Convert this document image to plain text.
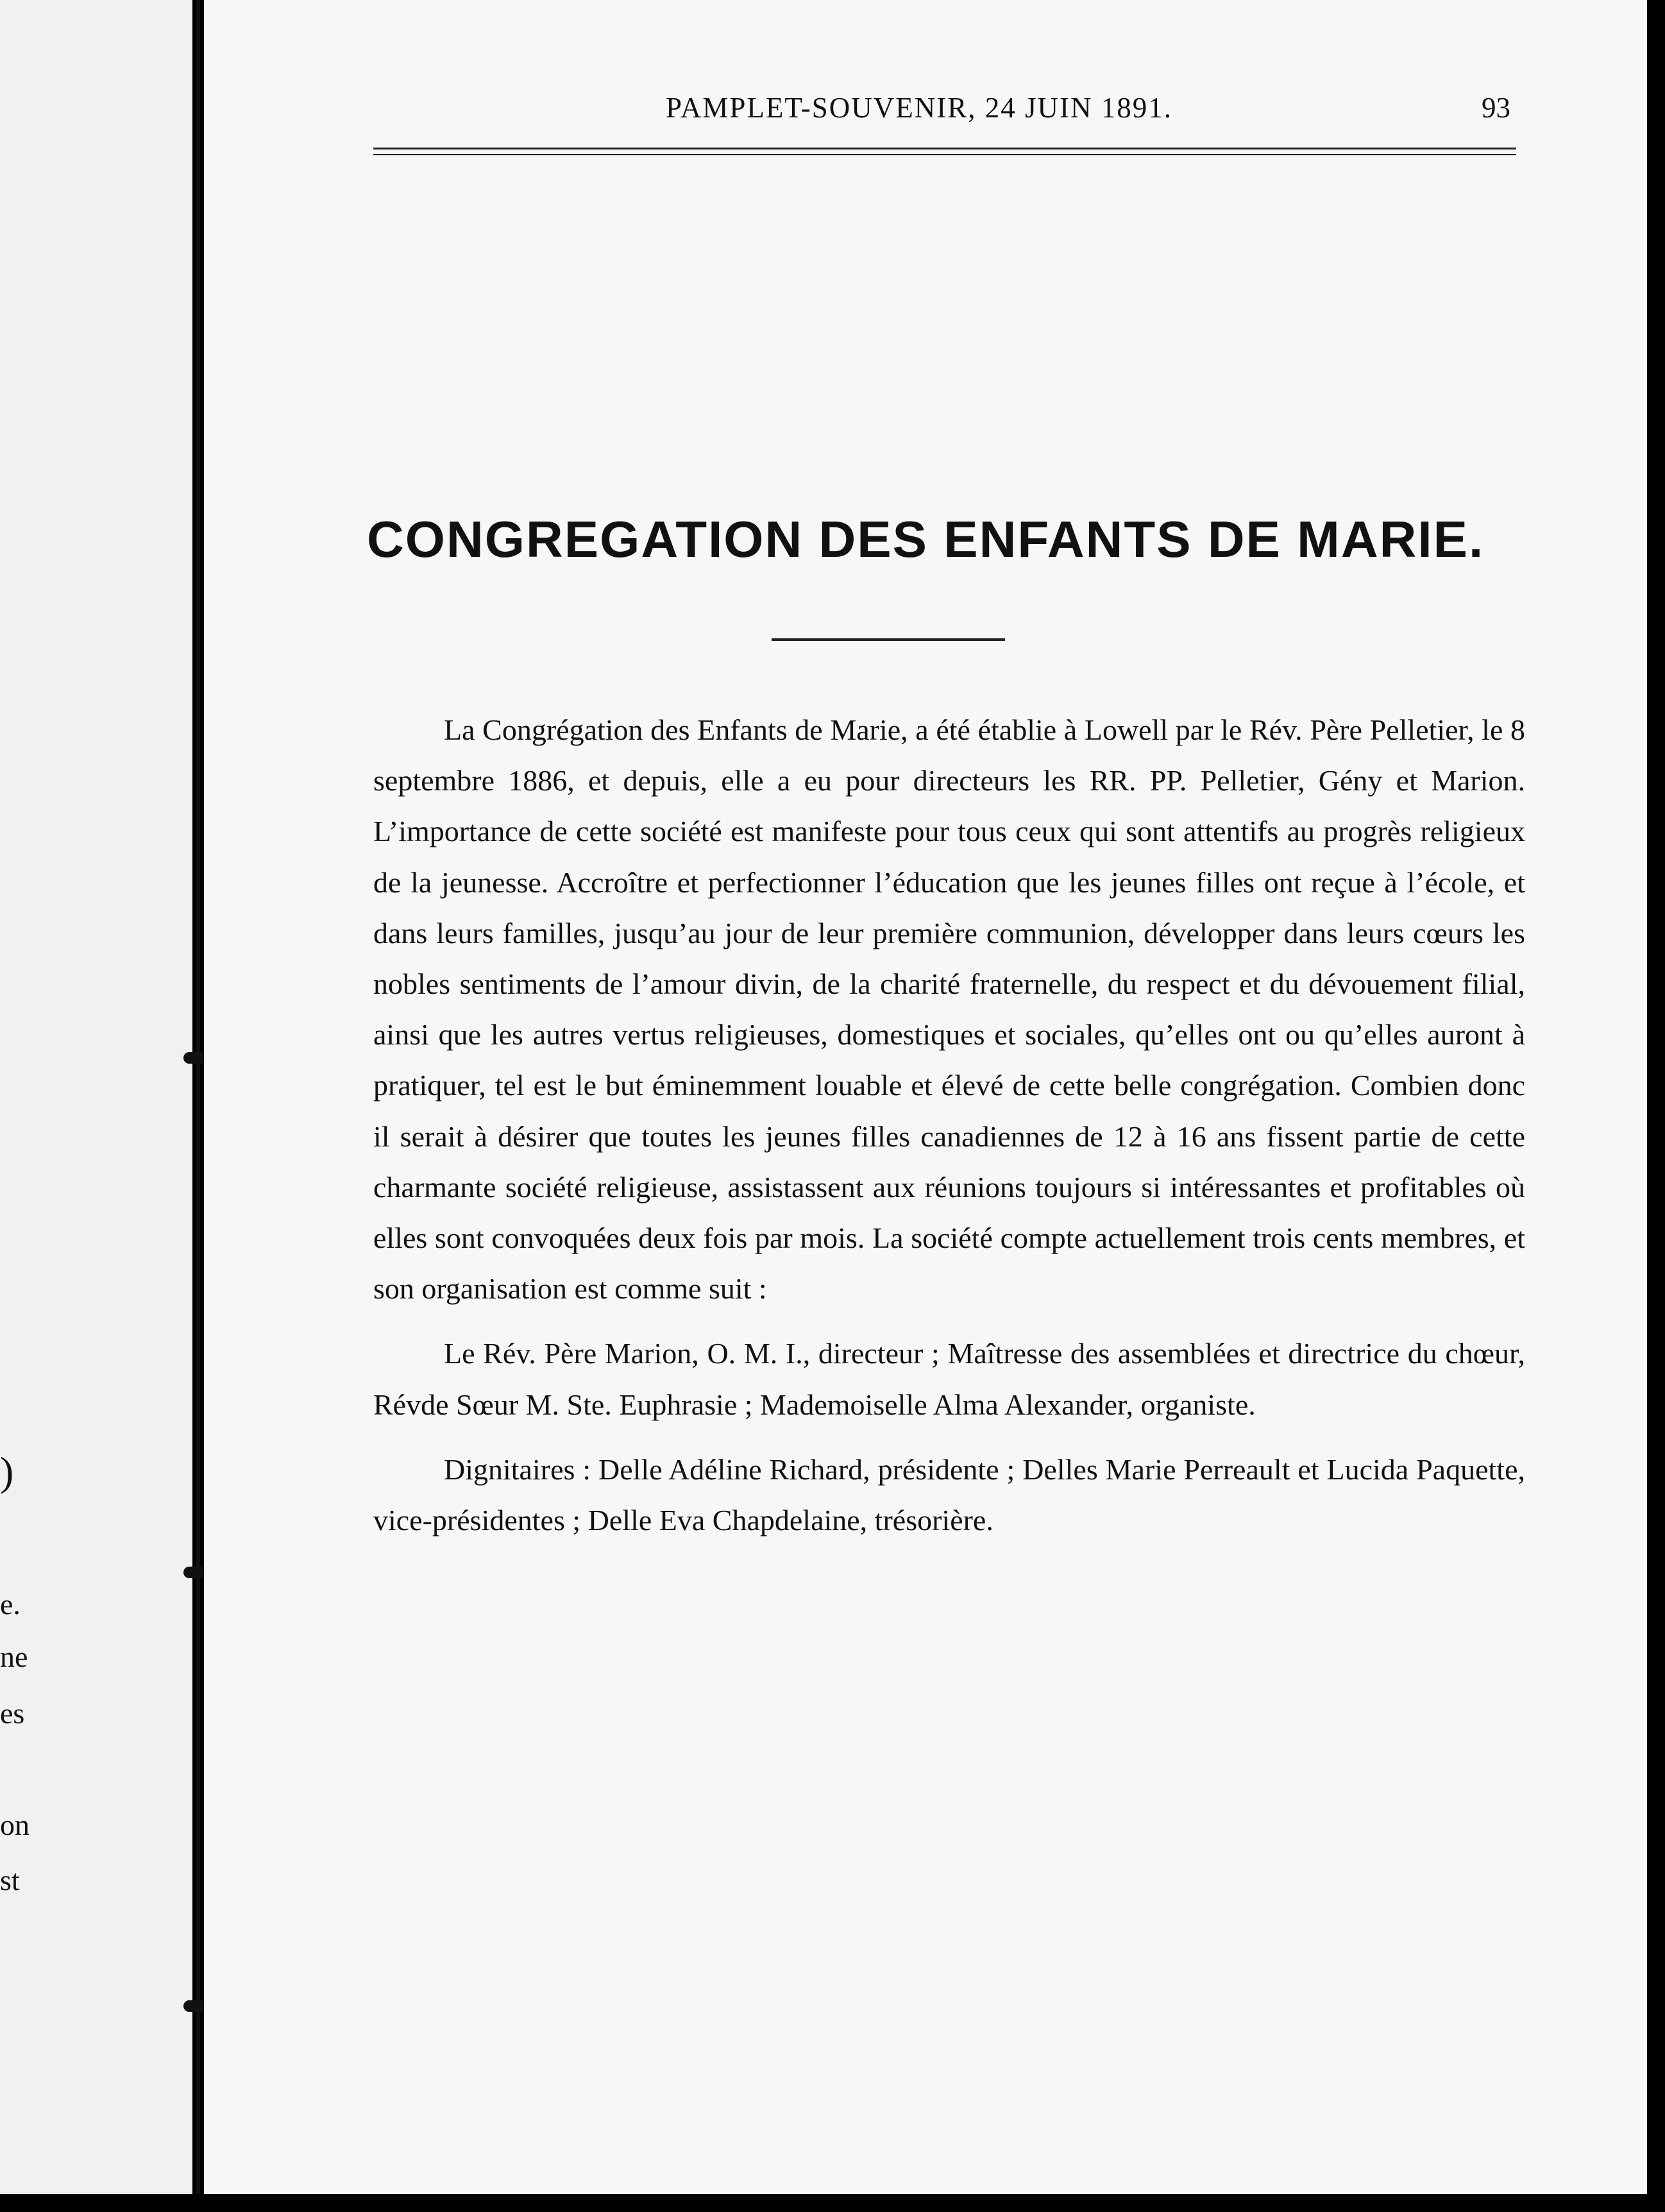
)
e.
ne
es
on
st
PAMPLET-SOUVENIR, 24 JUIN 1891.	93
CONGREGATION DES ENFANTS DE MARIE.

La Congrégation des Enfants de Marie, a été établie à Lowell par le Rév. Père Pelletier, le 8 septembre 1886, et depuis, elle a eu pour directeurs les RR. PP. Pelletier, Gény et Marion. L’importance de cette société est manifeste pour tous ceux qui sont attentifs au progrès religieux de la jeunesse. Accroître et perfectionner l’éducation que les jeunes filles ont reçue à l’école, et dans leurs familles, jusqu’au jour de leur première communion, développer dans leurs cœurs les nobles sentiments de l’amour divin, de la charité fraternelle, du respect et du dévouement filial, ainsi que les autres vertus religieuses, domestiques et sociales, qu’elles ont ou qu’elles auront à pratiquer, tel est le but éminemment louable et élevé de cette belle congrégation. Combien donc il serait à désirer que toutes les jeunes filles canadiennes de 12 à 16 ans fissent partie de cette charmante société religieuse, assistassent aux réunions toujours si intéressantes et profitables où elles sont convoquées deux fois par mois. La société compte actuellement trois cents membres, et son organisation est comme suit :

Le Rév. Père Marion, O. M. I., directeur ; Maîtresse des assemblées et directrice du chœur, Révde Sœur M. Ste. Euphrasie ; Mademoiselle Alma Alexander, organiste.

Dignitaires : Delle Adéline Richard, présidente ; Delles Marie Perreault et Lucida Paquette, vice-présidentes ; Delle Eva Chapdelaine, trésorière.
